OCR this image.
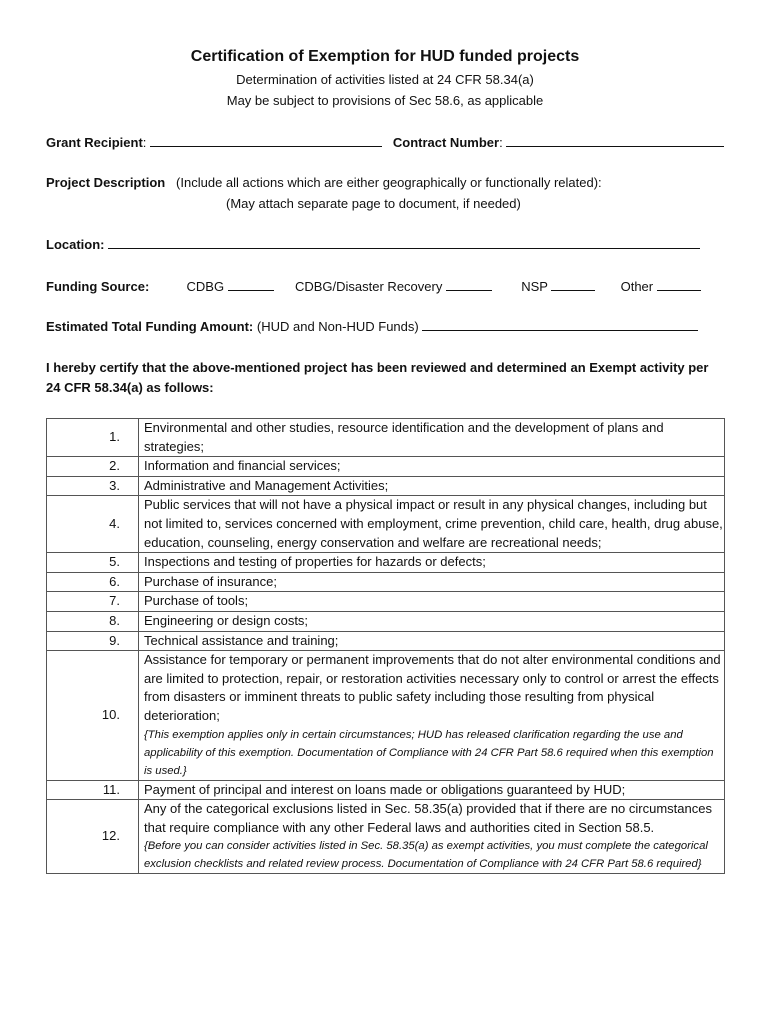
Certification of Exemption for HUD funded projects
Determination of activities listed at 24 CFR 58.34(a)
May be subject to provisions of Sec 58.6, as applicable
Grant Recipient:	Contract Number:
Project Description (Include all actions which are either geographically or functionally related):
(May attach separate page to document, if needed)
Location:
Funding Source:	CDBG	CDBG/Disaster Recovery	NSP	Other
Estimated Total Funding Amount: (HUD and Non-HUD Funds)
I hereby certify that the above-mentioned project has been reviewed and determined an Exempt activity per 24 CFR 58.34(a) as follows:
1.	Environmental and other studies, resource identification and the development of plans and strategies;
2.	Information and financial services;
3.	Administrative and Management Activities;
4.	Public services that will not have a physical impact or result in any physical changes, including but not limited to, services concerned with employment, crime prevention, child care, health, drug abuse, education, counseling, energy conservation and welfare are recreational needs;
5.	Inspections and testing of properties for hazards or defects;
6.	Purchase of insurance;
7.	Purchase of tools;
8.	Engineering or design costs;
9.	Technical assistance and training;
10.	Assistance for temporary or permanent improvements that do not alter environmental conditions and are limited to protection, repair, or restoration activities necessary only to control or arrest the effects from disasters or imminent threats to public safety including those resulting from physical deterioration;
{This exemption applies only in certain circumstances; HUD has released clarification regarding the use and applicability of this exemption. Documentation of Compliance with 24 CFR Part 58.6 required when this exemption is used.}

11.	Payment of principal and interest on loans made or obligations guaranteed by HUD;
12.	Any of the categorical exclusions listed in Sec. 58.35(a) provided that if there are no circumstances that require compliance with any other Federal laws and authorities cited in Section 58.5.
{Before you can consider activities listed in Sec. 58.35(a) as exempt activities, you must complete the categorical exclusion checklists and related review process. Documentation of Compliance with 24 CFR Part 58.6 required}
